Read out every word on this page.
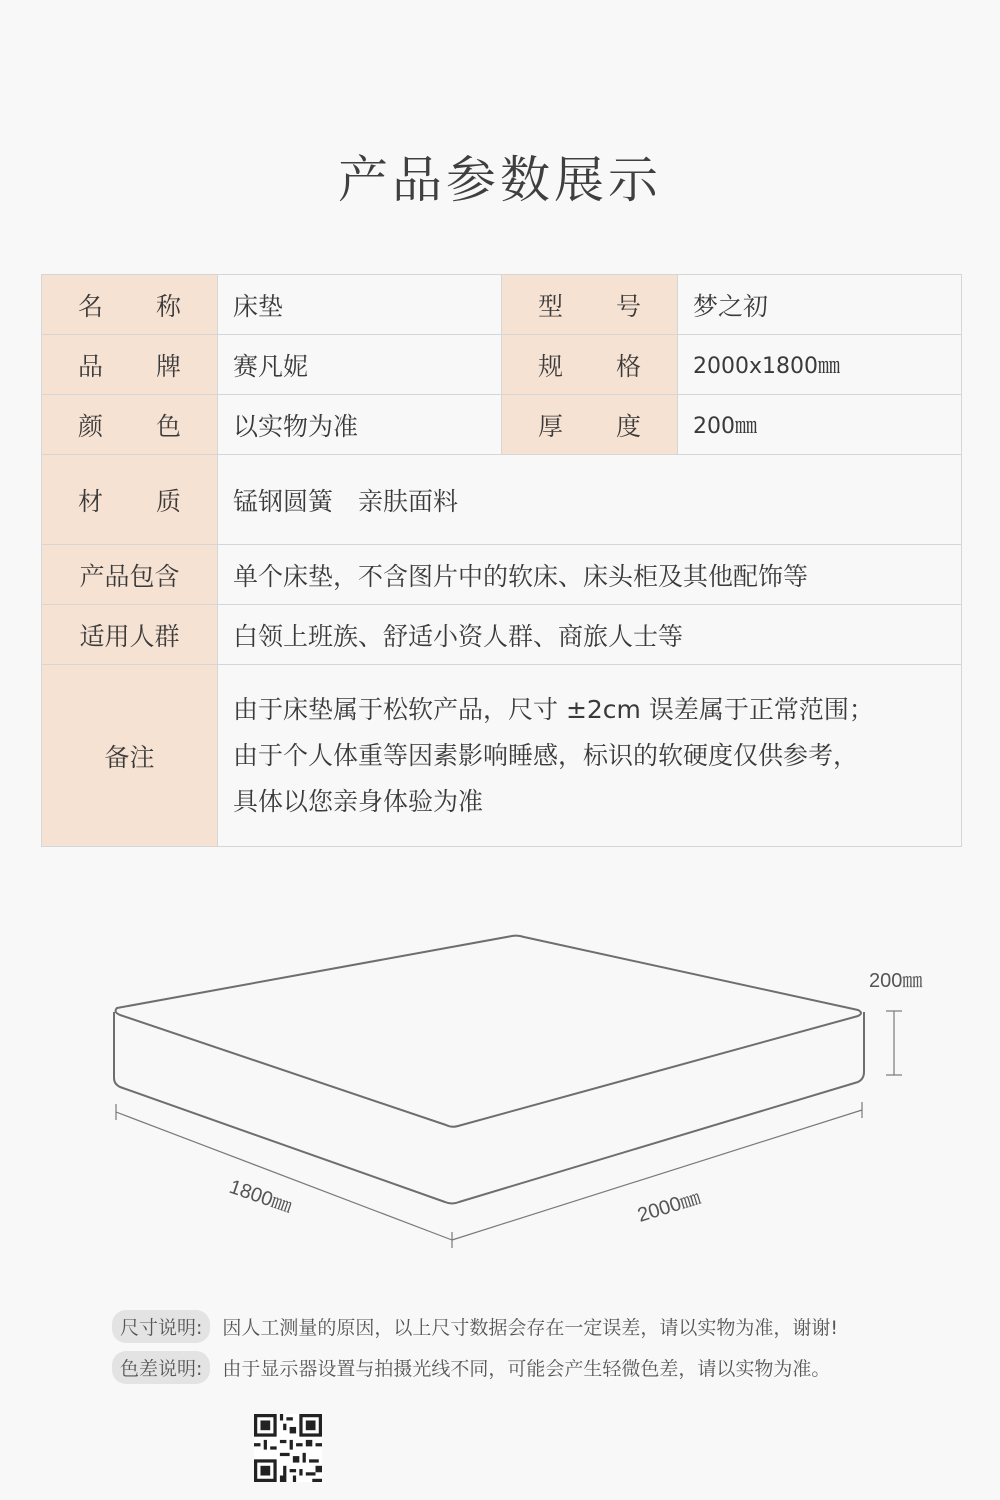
产品参数展示
名 称	床垫	型 号	梦之初

品 牌	赛凡妮	规 格	2000x1800㎜

颜 色	以实物为准	厚 度	200㎜

材 质	锰钢圆簧　亲肤面料		
产品包含	单个床垫，不含图片中的软床、床头柜及其他配饰等		
适用人群	白领上班族、舒适小资人群、商旅人士等		
备注	由于床垫属于松软产品，尺寸 ±2cm 误差属于正常范围；
由于个人体重等因素影响睡感，标识的软硬度仅供参考，
具体以您亲身体验为准		
200㎜
1800㎜	2000㎜
尺寸说明:	因人工测量的原因，以上尺寸数据会存在一定误差，请以实物为准，谢谢!
色差说明:	由于显示器设置与拍摄光线不同，可能会产生轻微色差，请以实物为准。
